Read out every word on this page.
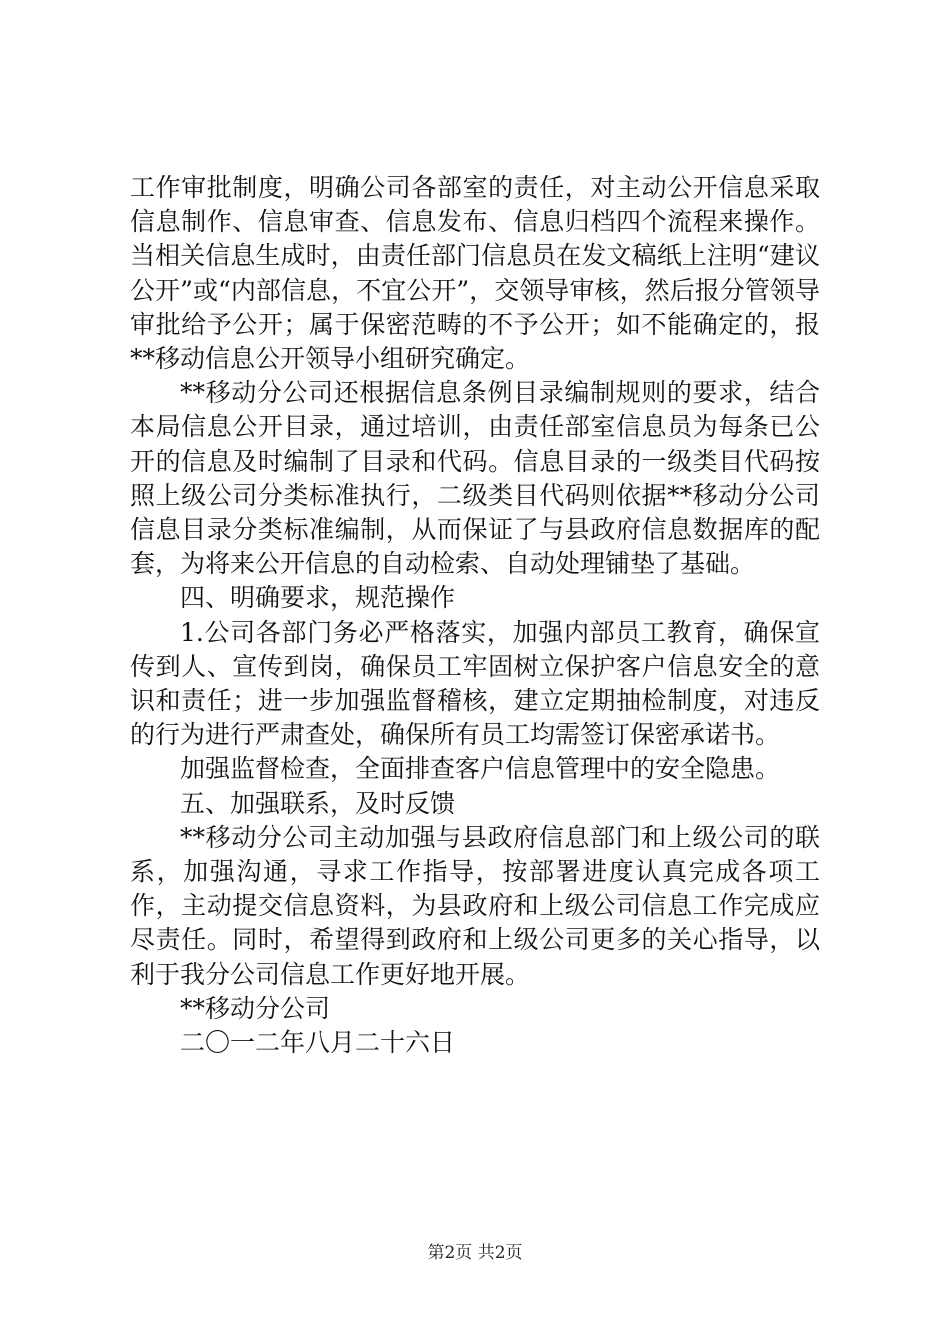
工作审批制度，明确公司各部室的责任，对主动公开信息采取信息制作、信息审查、信息发布、信息归档四个流程来操作。当相关信息生成时，由责任部门信息员在发文稿纸上注明“建议公开”或“内部信息，不宜公开”，交领导审核，然后报分管领导审批给予公开；属于保密范畴的不予公开；如不能确定的，报**移动信息公开领导小组研究确定。

**移动分公司还根据信息条例目录编制规则的要求，结合本局信息公开目录，通过培训，由责任部室信息员为每条已公开的信息及时编制了目录和代码。信息目录的一级类目代码按照上级公司分类标准执行，二级类目代码则依据**移动分公司信息目录分类标准编制，从而保证了与县政府信息数据库的配套，为将来公开信息的自动检索、自动处理铺垫了基础。

四、明确要求，规范操作

1.公司各部门务必严格落实，加强内部员工教育，确保宣传到人、宣传到岗，确保员工牢固树立保护客户信息安全的意识和责任；进一步加强监督稽核，建立定期抽检制度，对违反的行为进行严肃查处，确保所有员工均需签订保密承诺书。

加强监督检查，全面排查客户信息管理中的安全隐患。

五、加强联系，及时反馈

**移动分公司主动加强与县政府信息部门和上级公司的联系，加强沟通，寻求工作指导，按部署进度认真完成各项工作，主动提交信息资料，为县政府和上级公司信息工作完成应尽责任。同时，希望得到政府和上级公司更多的关心指导，以利于我分公司信息工作更好地开展。

**移动分公司

二〇一二年八月二十六日

第2页 共2页
